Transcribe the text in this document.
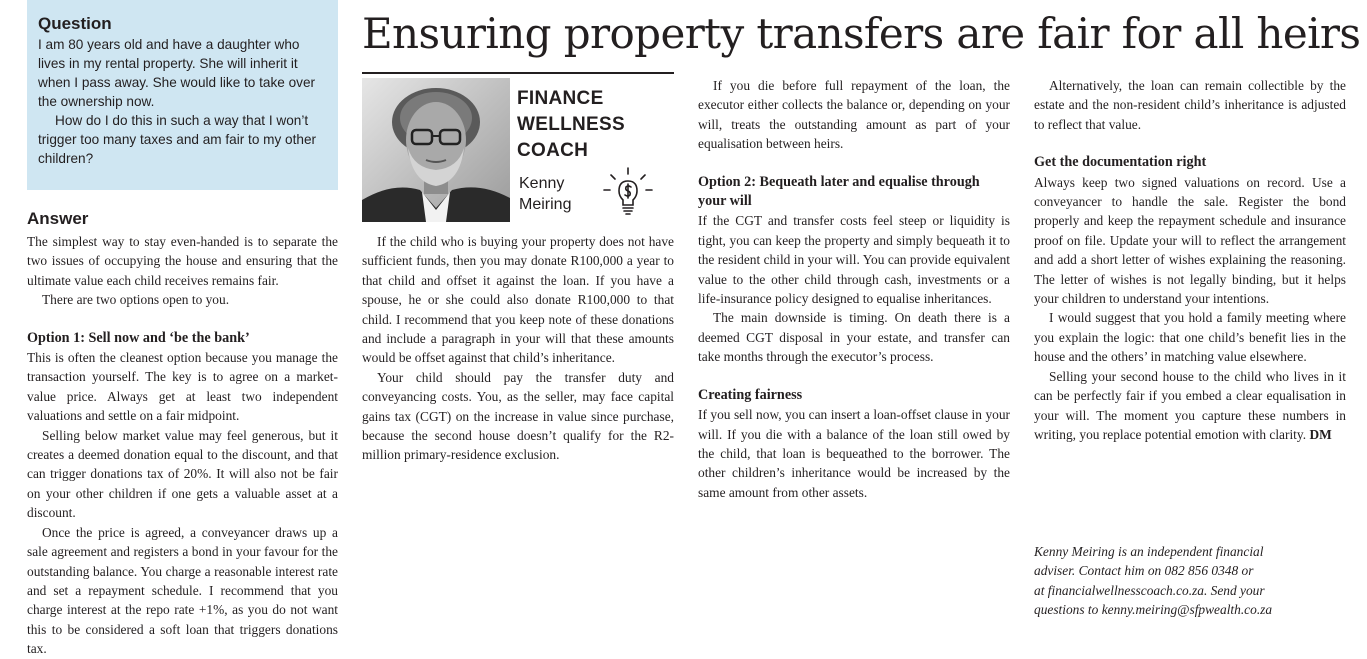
Question

I am 80 years old and have a daughter who lives in my rental property. She will inherit it when I pass away. She would like to take over the ownership now.

How do I do this in such a way that I won’t trigger too many taxes and am fair to my other children?

Ensuring property transfers are fair for all heirs
FINANCE
WELLNESS
COACH
Kenny
Meiring
Answer

The simplest way to stay even-handed is to separate the two issues of occupying the house and ensuring that the ultimate value each child receives remains fair.

There are two options open to you.

Option 1: Sell now and ‘be the bank’

This is often the cleanest option because you manage the transaction yourself. The key is to agree on a market-value price. Always get at least two independent valuations and settle on a fair midpoint.

Selling below market value may feel generous, but it creates a deemed donation equal to the discount, and that can trigger donations tax of 20%. It will also not be fair on your other children if one gets a valuable asset at a discount.

Once the price is agreed, a conveyancer draws up a sale agreement and registers a bond in your favour for the outstanding balance. You charge a reasonable interest rate and set a repayment schedule. I recommend that you charge interest at the repo rate +1%, as you do not want this to be considered a soft loan that triggers donations tax.

If the child who is buying your property does not have sufficient funds, then you may donate R100,000 a year to that child and offset it against the loan. If you have a spouse, he or she could also donate R100,000 to that child. I recommend that you keep note of these donations and include a paragraph in your will that these amounts would be offset against that child’s inheritance.

Your child should pay the transfer duty and conveyancing costs. You, as the seller, may face capital gains tax (CGT) on the increase in value since purchase, because the second house doesn’t qualify for the R2-million primary-residence exclusion.

If you die before full repayment of the loan, the executor either collects the balance or, depending on your will, treats the outstanding amount as part of your equalisation between heirs.

Option 2: Bequeath later and equalise through your will

If the CGT and transfer costs feel steep or liquidity is tight, you can keep the property and simply bequeath it to the resident child in your will. You can provide equivalent value to the other child through cash, investments or a life-insurance policy designed to equalise inheritances.

The main downside is timing. On death there is a deemed CGT disposal in your estate, and transfer can take months through the executor’s process.

Creating fairness

If you sell now, you can insert a loan-offset clause in your will. If you die with a balance of the loan still owed by the child, that loan is bequeathed to the borrower. The other children’s inheritance would be increased by the same amount from other assets.

Alternatively, the loan can remain collectible by the estate and the non-resident child’s inheritance is adjusted to reflect that value.

Get the documentation right

Always keep two signed valuations on record. Use a conveyancer to handle the sale. Register the bond properly and keep the repayment schedule and insurance proof on file. Update your will to reflect the arrangement and add a short letter of wishes explaining the reasoning. The letter of wishes is not legally binding, but it helps your children to understand your intentions.

I would suggest that you hold a family meeting where you explain the logic: that one child’s benefit lies in the house and the others’ in matching value elsewhere.

Selling your second house to the child who lives in it can be perfectly fair if you embed a clear equalisation in your will. The moment you capture these numbers in writing, you replace potential emotion with clarity. DM

Kenny Meiring is an independent financial

adviser. Contact him on 082 856 0348 or

at financialwellnesscoach.co.za. Send your

questions to kenny.meiring@sfpwealth.co.za
